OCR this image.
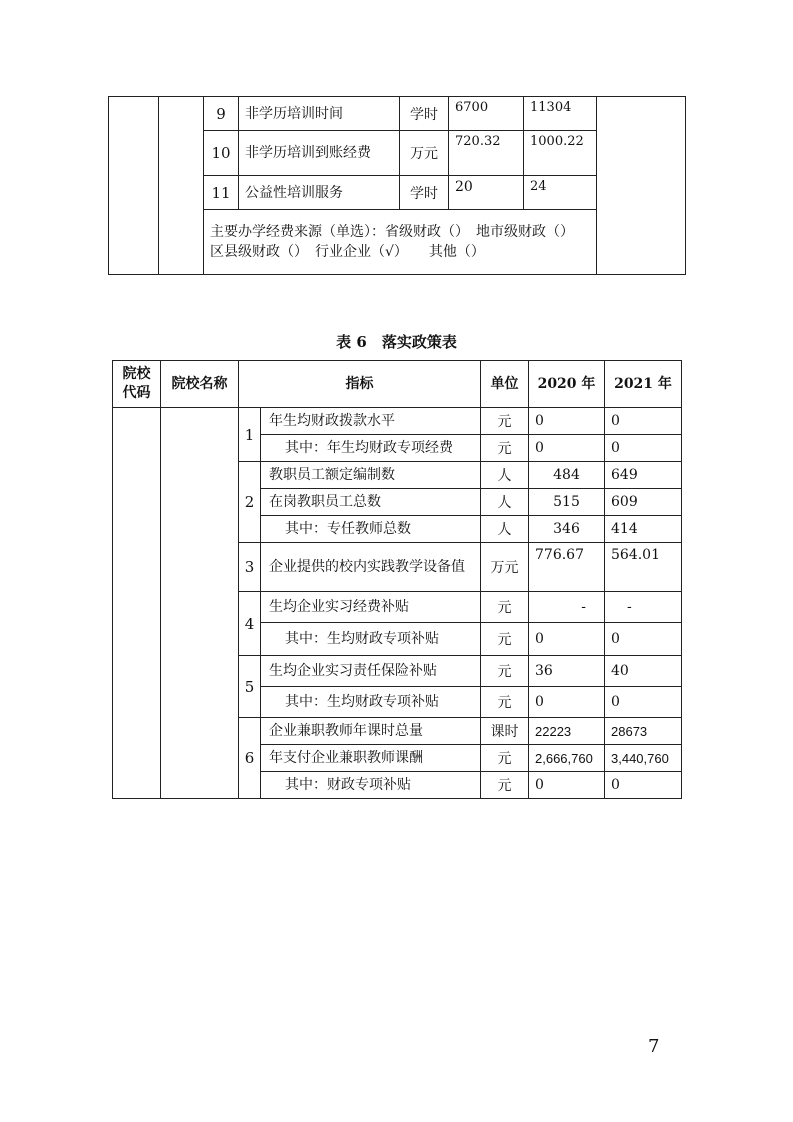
		9	非学历培训时间	学时	6700	11304	
		10	非学历培训到账经费	万元	720.32	1000.22	
		11	公益性培训服务	学时	20	24	
		主要办学经费来源（单选）：省级财政（）　地市级财政（）　区县级财政（）　行业企业（√）　　其他（）					
表 6　落实政策表
院校代码	院校名称	指标		单位	2020 年	2021 年
		1	年生均财政拨款水平	元	0	0
			其中：年生均财政专项经费	元	0	0
		2	教职员工额定编制数	人	484	649
			在岗教职员工总数	人	515	609
			其中：专任教师总数	人	346	414
		3	企业提供的校内实践教学设备值	万元	776.67	564.01
		4	生均企业实习经费补贴	元	-	-
			其中：生均财政专项补贴	元	0	0
		5	生均企业实习责任保险补贴	元	36	40
			其中：生均财政专项补贴	元	0	0
		6	企业兼职教师年课时总量	课时	22223	28673
			年支付企业兼职教师课酬	元	2,666,760	3,440,760
			其中：财政专项补贴	元	0	0
7
